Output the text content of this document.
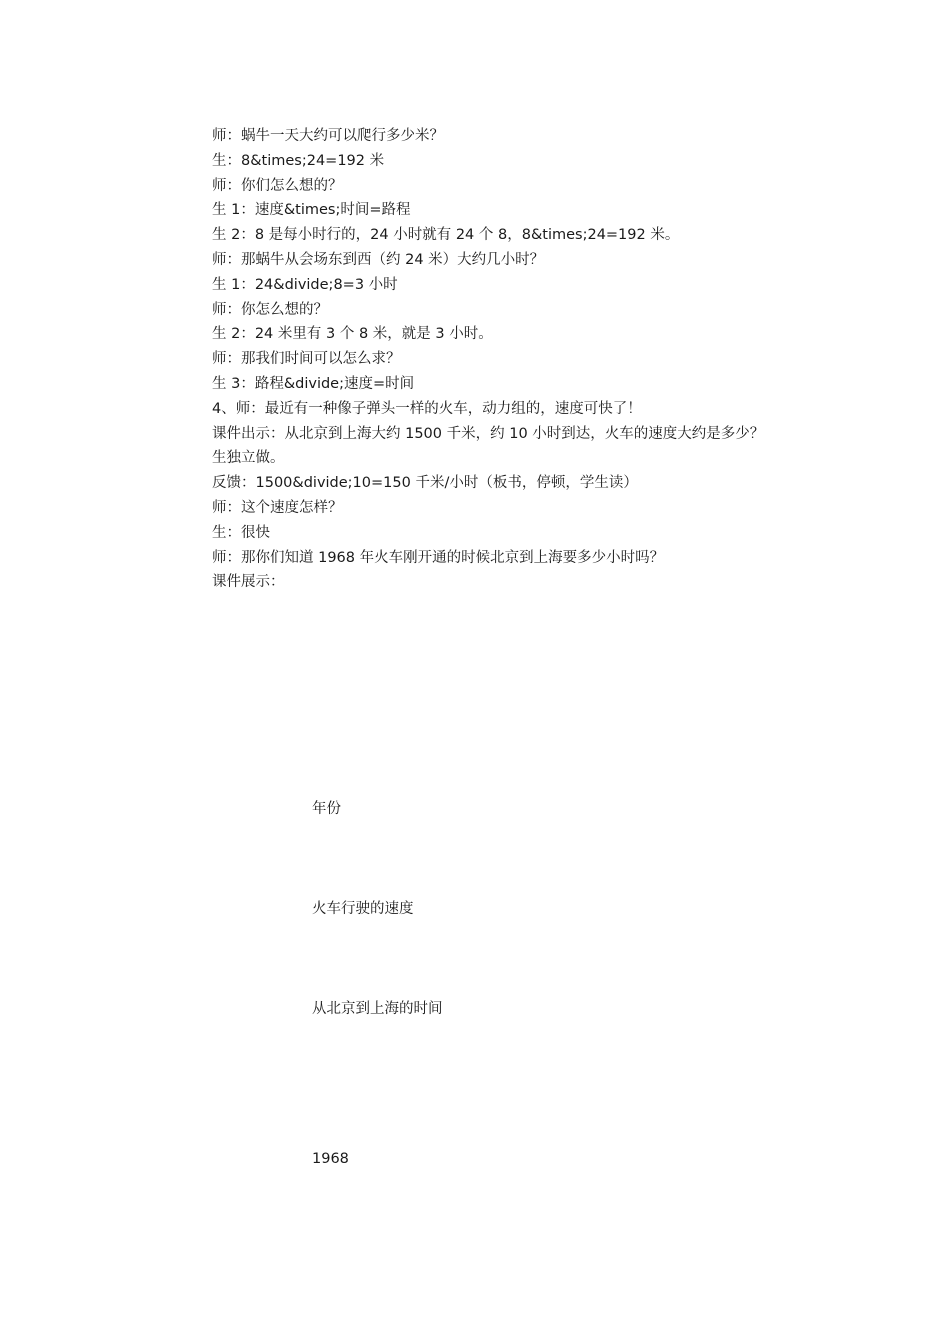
师：蜗牛一天大约可以爬行多少米？
生：8&times;24=192 米
师：你们怎么想的？
生 1：速度&times;时间=路程
生 2：8 是每小时行的，24 小时就有 24 个 8，8&times;24=192 米。
师：那蜗牛从会场东到西（约 24 米）大约几小时？
生 1：24&divide;8=3 小时
师：你怎么想的？
生 2：24 米里有 3 个 8 米，就是 3 小时。
师：那我们时间可以怎么求？
生 3：路程&divide;速度=时间
4、师：最近有一种像子弹头一样的火车，动力组的，速度可快了！
课件出示：从北京到上海大约 1500 千米，约 10 小时到达，火车的速度大约是多少？
生独立做。
反馈：1500&divide;10=150 千米/小时（板书，停顿，学生读）
师：这个速度怎样？
生：很快
师：那你们知道 1968 年火车刚开通的时候北京到上海要多少小时吗？
课件展示：
年份
火车行驶的速度
从北京到上海的时间
1968
